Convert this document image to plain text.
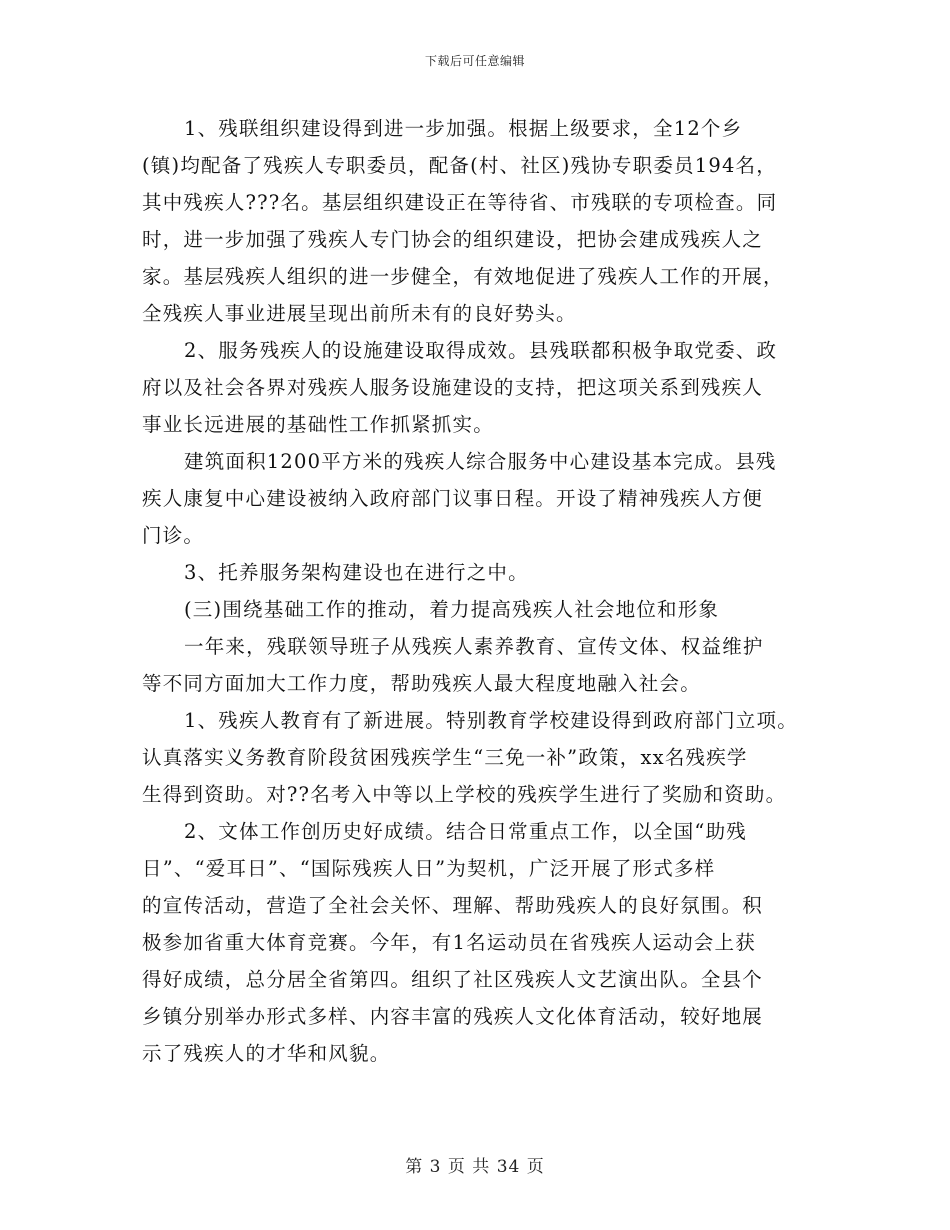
下载后可任意编辑
1、残联组织建设得到进一步加强。根据上级要求，全12个乡
(镇)均配备了残疾人专职委员，配备(村、社区)残协专职委员194名，
其中残疾人???名。基层组织建设正在等待省、市残联的专项检查。同
时，进一步加强了残疾人专门协会的组织建设，把协会建成残疾人之
家。基层残疾人组织的进一步健全，有效地促进了残疾人工作的开展，
全残疾人事业进展呈现出前所未有的良好势头。
2、服务残疾人的设施建设取得成效。县残联都积极争取党委、政
府以及社会各界对残疾人服务设施建设的支持，把这项关系到残疾人
事业长远进展的基础性工作抓紧抓实。
建筑面积1200平方米的残疾人综合服务中心建设基本完成。县残
疾人康复中心建设被纳入政府部门议事日程。开设了精神残疾人方便
门诊。
3、托养服务架构建设也在进行之中。
(三)围绕基础工作的推动，着力提高残疾人社会地位和形象
一年来，残联领导班子从残疾人素养教育、宣传文体、权益维护
等不同方面加大工作力度，帮助残疾人最大程度地融入社会。
1、残疾人教育有了新进展。特别教育学校建设得到政府部门立项。
认真落实义务教育阶段贫困残疾学生“三免一补”政策，xx名残疾学
生得到资助。对??名考入中等以上学校的残疾学生进行了奖励和资助。
2、文体工作创历史好成绩。结合日常重点工作，以全国“助残
日”、“爱耳日”、“国际残疾人日”为契机，广泛开展了形式多样
的宣传活动，营造了全社会关怀、理解、帮助残疾人的良好氛围。积
极参加省重大体育竞赛。今年，有1名运动员在省残疾人运动会上获
得好成绩，总分居全省第四。组织了社区残疾人文艺演出队。全县个
乡镇分别举办形式多样、内容丰富的残疾人文化体育活动，较好地展
示了残疾人的才华和风貌。
第 3 页 共 34 页
